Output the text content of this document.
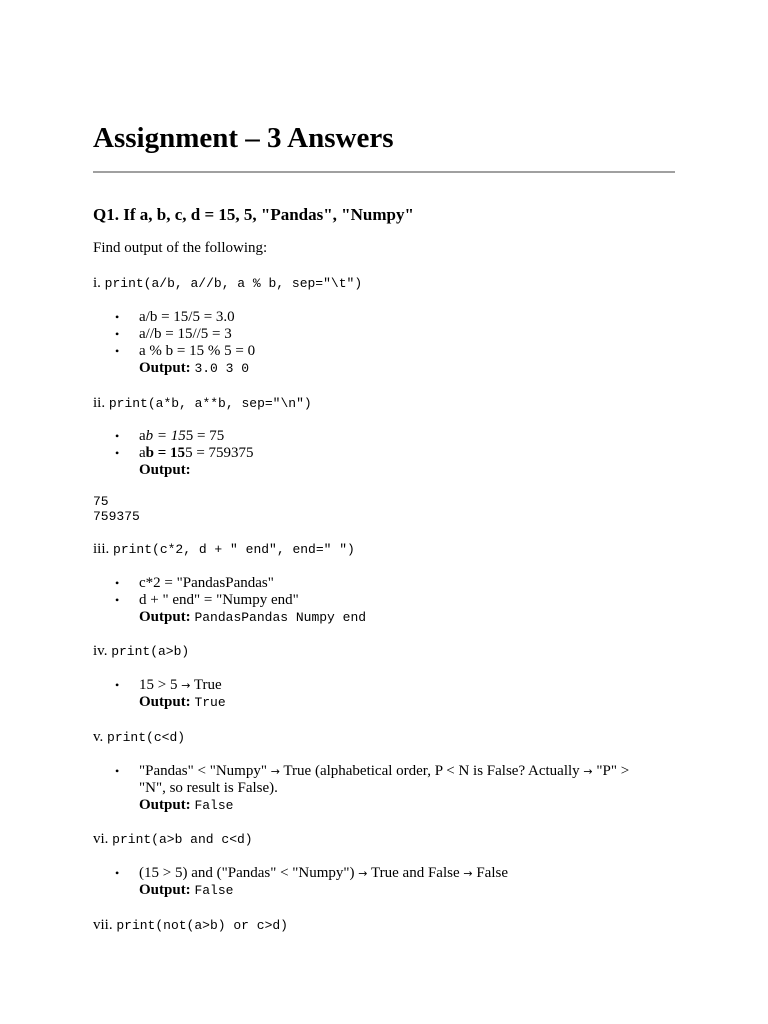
Assignment – 3 Answers
Q1. If a, b, c, d = 15, 5, "Pandas", "Numpy"
Find output of the following:
i. print(a/b, a//b, a % b, sep="\t")
• a/b = 15/5 = 3.0
• a//b = 15//5 = 3
• a % b = 15 % 5 = 0
Output: 3.0 3 0
ii. print(a*b, a**b, sep="\n")
• ab = 155 = 75
• ab = 155 = 759375
Output:
75
759375
iii. print(c*2, d + " end", end=" ")
• c*2 = "PandasPandas"
• d + " end" = "Numpy end"
Output: PandasPandas Numpy end
iv. print(a>b)
• 15 > 5 → True
Output: True
v. print(c<d)
• "Pandas" < "Numpy" → True (alphabetical order, P < N is False? Actually → "P" >
"N", so result is False).
Output: False
vi. print(a>b and c<d)
• (15 > 5) and ("Pandas" < "Numpy") → True and False → False
Output: False
vii. print(not(a>b) or c>d)
